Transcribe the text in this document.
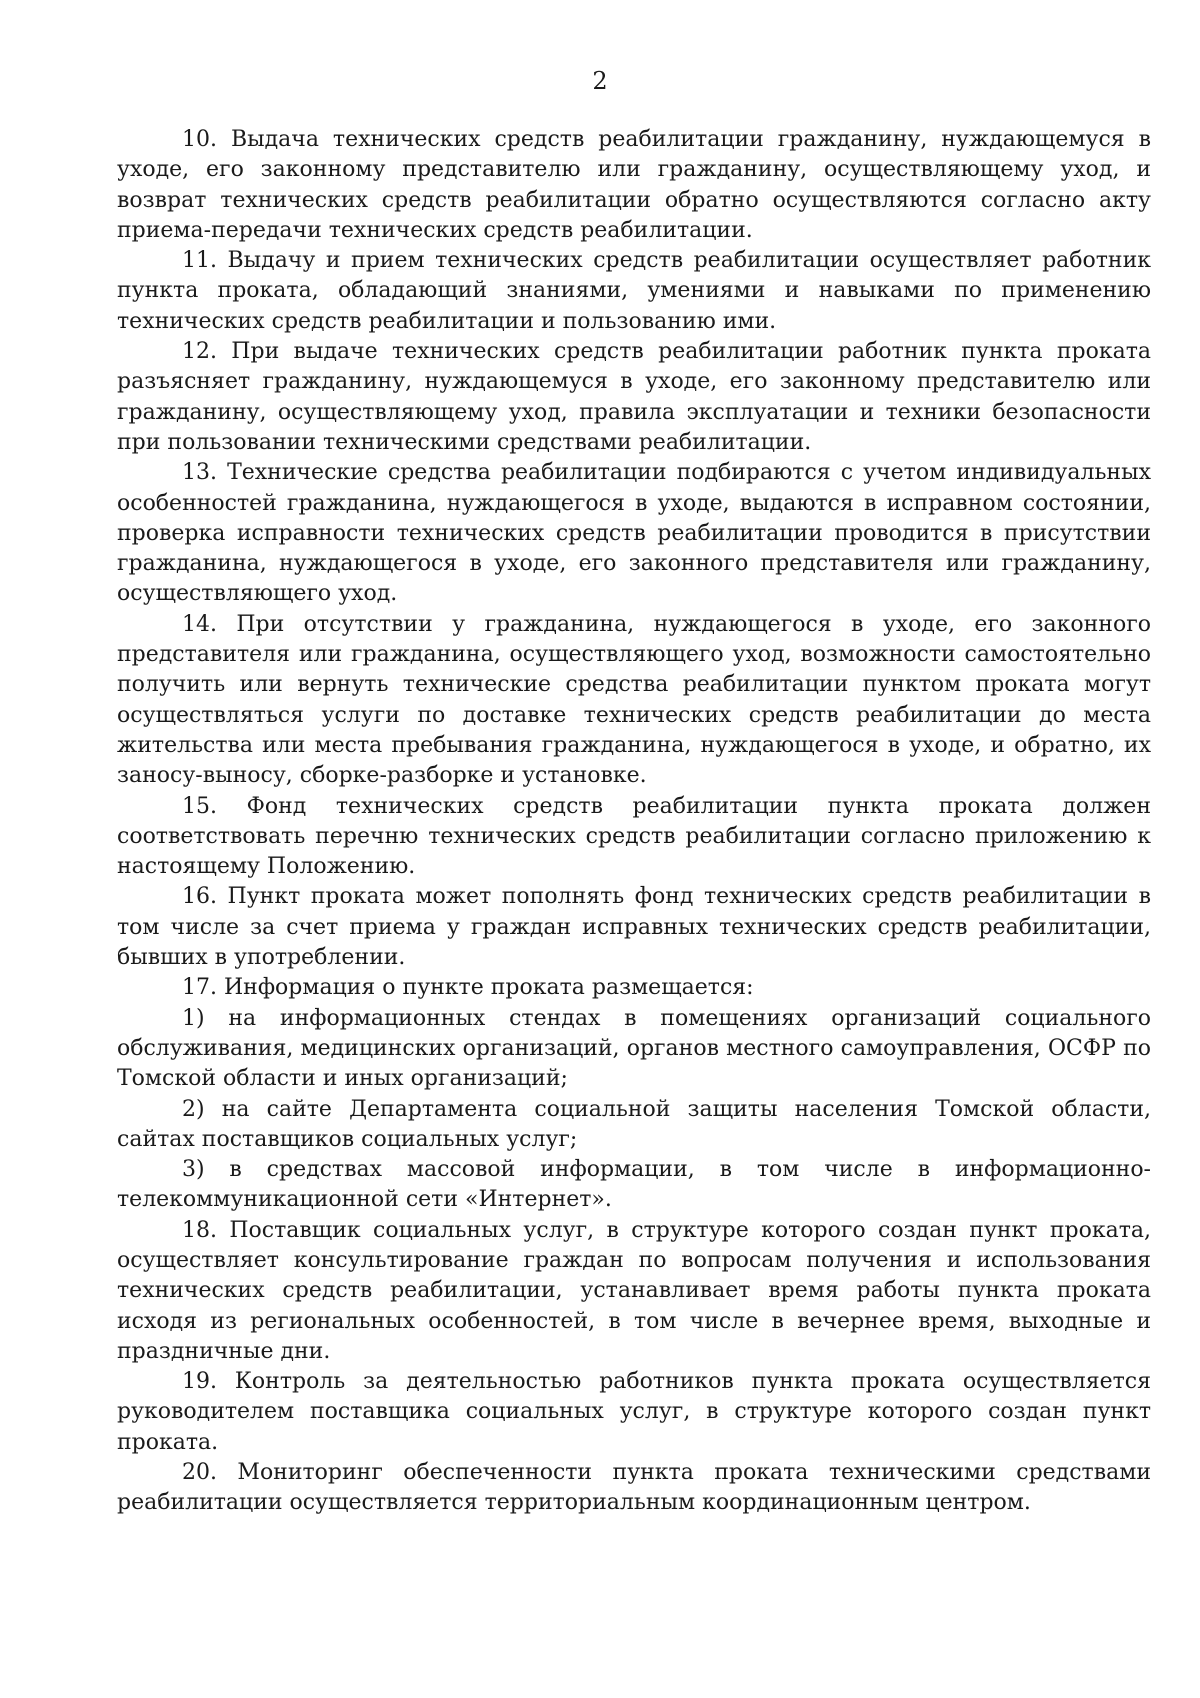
2

10. Выдача технических средств реабилитации гражданину, нуждающемуся в уходе, его законному представителю или гражданину, осуществляющему уход, и возврат технических средств реабилитации обратно осуществляются согласно акту приема-передачи технических средств реабилитации.

11. Выдачу и прием технических средств реабилитации осуществляет работник пункта проката, обладающий знаниями, умениями и навыками по применению технических средств реабилитации и пользованию ими.

12. При выдаче технических средств реабилитации работник пункта проката разъясняет гражданину, нуждающемуся в уходе, его законному представителю или гражданину, осуществляющему уход, правила эксплуатации и техники безопасности при пользовании техническими средствами реабилитации.

13. Технические средства реабилитации подбираются с учетом индивидуальных особенностей гражданина, нуждающегося в уходе, выдаются в исправном состоянии, проверка исправности технических средств реабилитации проводится в присутствии гражданина, нуждающегося в уходе, его законного представителя или гражданину, осуществляющего уход.

14. При отсутствии у гражданина, нуждающегося в уходе, его законного представителя или гражданина, осуществляющего уход, возможности самостоятельно получить или вернуть технические средства реабилитации пунктом проката могут осуществляться услуги по доставке технических средств реабилитации до места жительства или места пребывания гражданина, нуждающегося в уходе, и обратно, их заносу-выносу, сборке-разборке и установке.

15. Фонд технических средств реабилитации пункта проката должен соответствовать перечню технических средств реабилитации согласно приложению к настоящему Положению.

16. Пункт проката может пополнять фонд технических средств реабилитации в том числе за счет приема у граждан исправных технических средств реабилитации, бывших в употреблении.

17. Информация о пункте проката размещается:

1) на информационных стендах в помещениях организаций социального обслуживания, медицинских организаций, органов местного самоуправления, ОСФР по Томской области и иных организаций;

2) на сайте Департамента социальной защиты населения Томской области, сайтах поставщиков социальных услуг;

3) в средствах массовой информации, в том числе в информационно-телекоммуникационной сети «Интернет».

18. Поставщик социальных услуг, в структуре которого создан пункт проката, осуществляет консультирование граждан по вопросам получения и использования технических средств реабилитации, устанавливает время работы пункта проката исходя из региональных особенностей, в том числе в вечернее время, выходные и праздничные дни.

19. Контроль за деятельностью работников пункта проката осуществляется руководителем поставщика социальных услуг, в структуре которого создан пункт проката.

20. Мониторинг обеспеченности пункта проката техническими средствами реабилитации осуществляется территориальным координационным центром.
